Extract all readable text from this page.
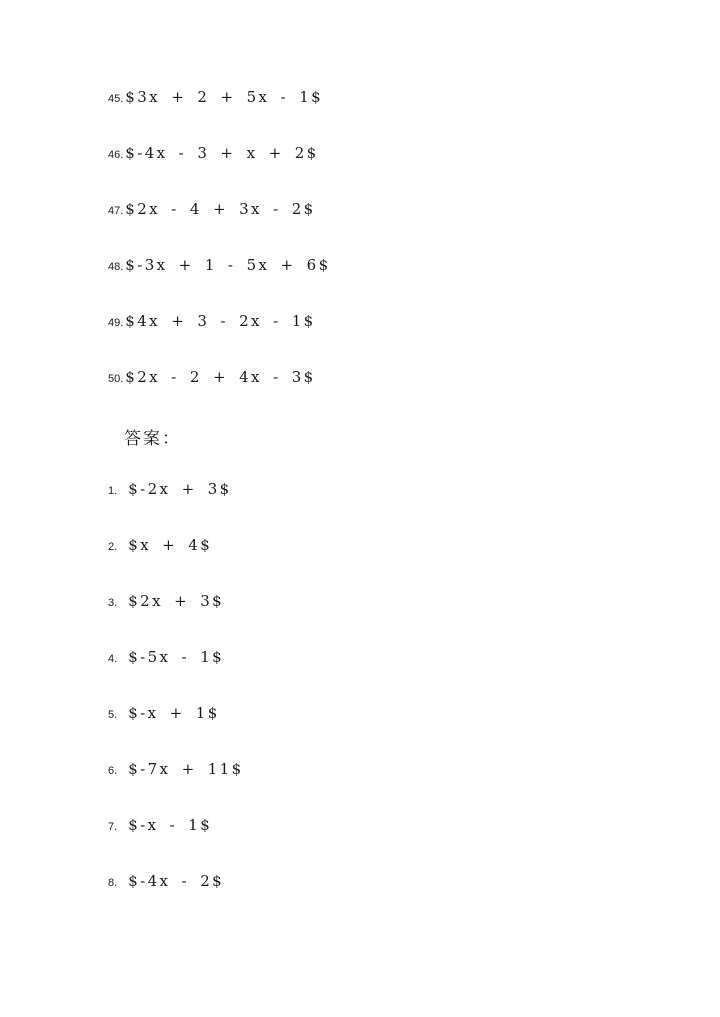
45. $3x + 2 + 5x - 1$
46. $-4x - 3 + x + 2$
47. $2x - 4 + 3x - 2$
48. $-3x + 1 - 5x + 6$
49. $4x + 3 - 2x - 1$
50. $2x - 2 + 4x - 3$
答案：
1. $-2x + 3$
2. $x + 4$
3. $2x + 3$
4. $-5x - 1$
5. $-x + 1$
6. $-7x + 11$
7. $-x - 1$
8. $-4x - 2$
